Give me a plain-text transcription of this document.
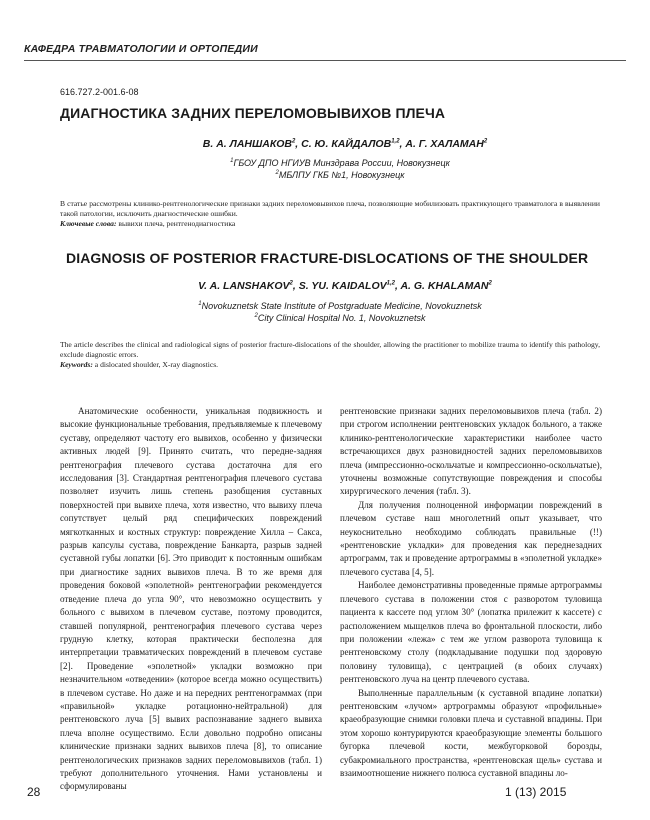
КАФЕДРА ТРАВМАТОЛОГИИ И ОРТОПЕДИИ
616.727.2-001.6-08
ДИАГНОСТИКА ЗАДНИХ ПЕРЕЛОМОВЫВИХОВ ПЛЕЧА
В. А. ЛАНШАКОВ$^2$, С. Ю. КАЙДАЛОВ$^{1,2}$, А. Г. ХАЛАМАН$^2$
$^1$ГБОУ ДПО НГИУВ Минздрава России, Новокузнецк
$^2$МБЛПУ ГКБ №1, Новокузнецк
В статье рассмотрены клинико-рентгенологические признаки задних переломовывихов плеча, позволяющие мобилизовать практикующего травматолога в выявлении такой патологии, исключить диагностические ошибки.
Ключевые слова: вывихи плеча, рентгенодиагностика
DIAGNOSIS OF POSTERIOR FRACTURE-DISLOCATIONS OF THE SHOULDER
V. A. LANSHAKOV$^2$, S. YU. KAIDALOV$^{1,2}$, A. G. KHALAMAN$^2$
$^1$Novokuznetsk State Institute of Postgraduate Medicine, Novokuznetsk
$^2$City Clinical Hospital No. 1, Novokuznetsk
The article describes the clinical and radiological signs of posterior fracture-dislocations of the shoulder, allowing the practitioner to mobilize trauma to identify this pathology, exclude diagnostic errors.
Keywords: a dislocated shoulder, X-ray diagnostics.

Анатомические особенности, уникальная подвижность и высокие функциональные требования, предъявляемые к плечевому суставу, определяют частоту его вывихов, особенно у физически активных людей [9]. Принято считать, что передне-задняя рентгенография плечевого сустава достаточна для его исследования [3]. Стандартная рентгенография плечевого сустава позволяет изучить лишь степень разобщения суставных поверхностей при вывихе плеча, хотя известно, что вывиху плеча сопутствует целый ряд специфических повреждений мягкотканных и костных структур: повреждение Хилла – Сакса, разрыв капсулы сустава, повреждение Банкарта, разрыв задней суставной губы лопатки [6]. Это приводит к постоянным ошибкам при диагностике задних вывихов плеча. В то же время для проведения боковой «эполетной» рентгенографии рекомендуется отведение плеча до угла 90°, что невозможно осуществить у больного с вывихом в плечевом суставе, поэтому проводится, ставшей популярной, рентгенография плечевого сустава через грудную клетку, которая практически бесполезна для интерпретации травматических повреждений в плечевом суставе [2]. Проведение «эполетной» укладки возможно при незначительном «отведении» (которое всегда можно осуществить) в плечевом суставе. Но даже и на передних рентгенограммах (при «правильной» укладке ротационно-нейтральной) для рентгеновского луча [5] вывих распознавание заднего вывиха плеча вполне осуществимо. Если довольно подробно описаны клинические признаки задних вывихов плеча [8], то описание рентгенологических признаков задних переломовывихов (табл. 1) требуют дополнительного уточнения. Нами установлены и сформулированы

рентгеновские признаки задних переломовывихов плеча (табл. 2) при строгом исполнении рентгеновских укладок больного, а также клинико-рентгенологические характеристики наиболее часто встречающихся двух разновидностей задних переломовывихов плеча (импрессионно-оскольчатые и компрессионно-оскольчатые), уточнены возможные сопутствующие повреждения и способы хирургического лечения (табл. 3).

Для получения полноценной информации повреждений в плечевом суставе наш многолетний опыт указывает, что неукоснительно необходимо соблюдать правильные (!!) «рентгеновские укладки» для проведения как переднезадних артрограмм, так и проведение артрограммы в «эполетной укладке» плечевого сустава [4, 5].

Наиболее демонстративны проведенные прямые артрограммы плечевого сустава в положении стоя с разворотом туловища пациента к кассете под углом 30° (лопатка прилежит к кассете) с расположением мыщелков плеча во фронтальной плоскости, либо при положении «лежа» с тем же углом разворота туловища к рентгеновскому столу (подкладывание подушки под здоровую половину туловища), с центрацией (в обоих случаях) рентгеновского луча на центр плечевого сустава.

Выполненные параллельным (к суставной впадине лопатки) рентгеновским «лучом» артрограммы образуют «профильные» краеобразующие снимки головки плеча и суставной впадины. При этом хорошо контурируются краеобразующие элементы большого бугорка плечевой кости, межбугорковой борозды, субакромиального пространства, «рентгеновская щель» сустава и взаимоотношение нижнего полюса суставной впадины ло-

28	1 (13) 2015
